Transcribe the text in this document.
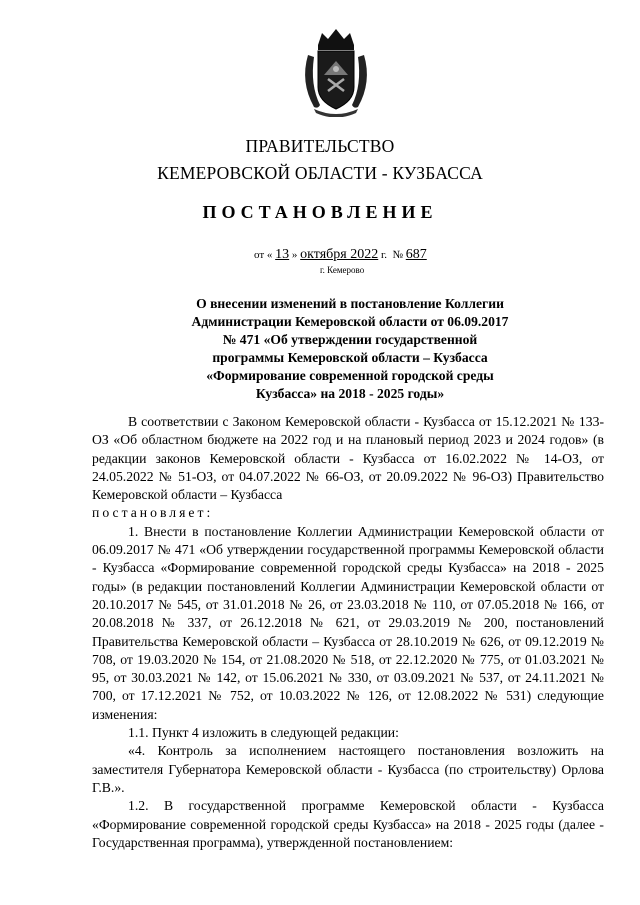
ПРАВИТЕЛЬСТВО
КЕМЕРОВСКОЙ ОБЛАСТИ - КУЗБАССА
ПОСТАНОВЛЕНИЕ
от « 13 » октября 2022 г. № 687
г. Кемерово
О внесении изменений в постановление Коллегии
Администрации Кемеровской области от 06.09.2017
№ 471 «Об утверждении государственной
программы Кемеровской области – Кузбасса
«Формирование современной городской среды
Кузбасса» на 2018 - 2025 годы»

В соответствии с Законом Кемеровской области - Кузбасса от 15.12.2021 № 133-ОЗ «Об областном бюджете на 2022 год и на плановый период 2023 и 2024 годов» (в редакции законов Кемеровской области - Кузбасса от 16.02.2022 № 14-ОЗ, от 24.05.2022 № 51-ОЗ, от 04.07.2022 № 66-ОЗ, от 20.09.2022 № 96-ОЗ) Правительство Кемеровской области – Кузбасса

постановляет:

1. Внести в постановление Коллегии Администрации Кемеровской области от 06.09.2017 № 471 «Об утверждении государственной программы Кемеровской области - Кузбасса «Формирование современной городской среды Кузбасса» на 2018 - 2025 годы» (в редакции постановлений Коллегии Администрации Кемеровской области от 20.10.2017 № 545, от 31.01.2018 № 26, от 23.03.2018 № 110, от 07.05.2018 № 166, от 20.08.2018 № 337, от 26.12.2018 № 621, от 29.03.2019 № 200, постановлений Правительства Кемеровской области – Кузбасса от 28.10.2019 № 626, от 09.12.2019 № 708, от 19.03.2020 № 154, от 21.08.2020 № 518, от 22.12.2020 № 775, от 01.03.2021 № 95, от 30.03.2021 № 142, от 15.06.2021 № 330, от 03.09.2021 № 537, от 24.11.2021 № 700, от 17.12.2021 № 752, от 10.03.2022 № 126, от 12.08.2022 № 531) следующие изменения:

1.1. Пункт 4 изложить в следующей редакции:

«4. Контроль за исполнением настоящего постановления возложить на заместителя Губернатора Кемеровской области - Кузбасса (по строительству) Орлова Г.В.».

1.2. В государственной программе Кемеровской области - Кузбасса «Формирование современной городской среды Кузбасса» на 2018 - 2025 годы (далее - Государственная программа), утвержденной постановлением:
